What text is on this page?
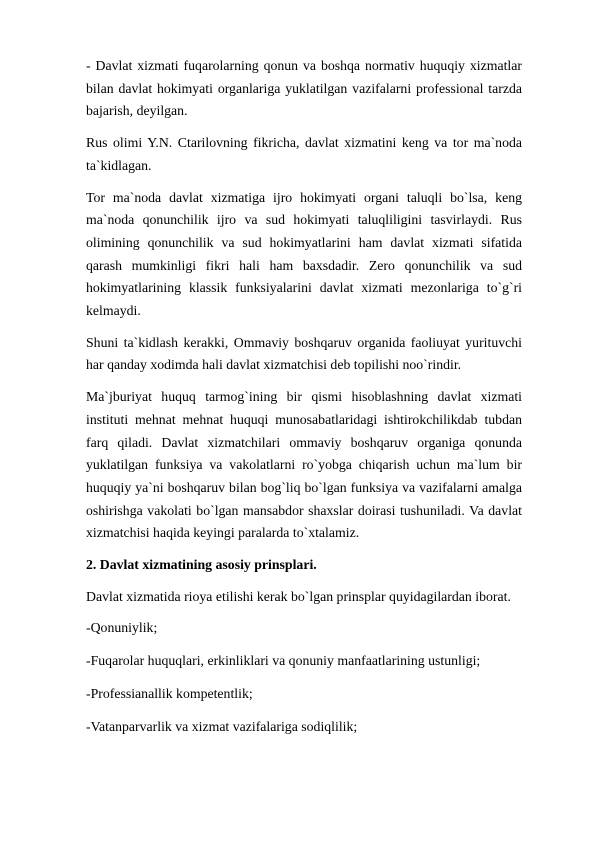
- Davlat xizmati fuqarolarning qonun va boshqa normativ huquqiy xizmatlar bilan davlat hokimyati organlariga yuklatilgan vazifalarni professional tarzda bajarish, deyilgan.

Rus olimi Y.N. Ctarilovning fikricha, davlat xizmatini keng va tor ma`noda ta`kidlagan.

Tor ma`noda davlat xizmatiga ijro hokimyati organi taluqli bo`lsa, keng ma`noda qonunchilik ijro va sud hokimyati taluqliligini tasvirlaydi. Rus olimining qonunchilik va sud hokimyatlarini ham davlat xizmati sifatida qarash mumkinligi fikri hali ham baxsdadir. Zero qonunchilik va sud hokimyatlarining klassik funksiyalarini davlat xizmati mezonlariga to`g`ri kelmaydi.

Shuni ta`kidlash kerakki, Ommaviy boshqaruv organida faoliuyat yurituvchi har qanday xodimda hali davlat xizmatchisi deb topilishi noo`rindir.

Ma`jburiyat huquq tarmog`ining bir qismi hisoblashning davlat xizmati instituti mehnat mehnat huquqi munosabatlaridagi ishtirokchilikdab tubdan farq qiladi. Davlat xizmatchilari ommaviy boshqaruv organiga qonunda yuklatilgan funksiya va vakolatlarni ro`yobga chiqarish uchun ma`lum bir huquqiy ya`ni boshqaruv bilan bog`liq bo`lgan funksiya va vazifalarni amalga oshirishga vakolati bo`lgan mansabdor shaxslar doirasi tushuniladi. Va davlat xizmatchisi haqida keyingi paralarda to`xtalamiz.

2. Davlat xizmatining asosiy prinsplari.

Davlat xizmatida rioya etilishi kerak bo`lgan prinsplar quyidagilardan iborat.

-Qonuniylik;

-Fuqarolar huquqlari, erkinliklari va qonuniy manfaatlarining ustunligi;

-Professianallik kompetentlik;

-Vatanparvarlik va xizmat vazifalariga sodiqlilik;
